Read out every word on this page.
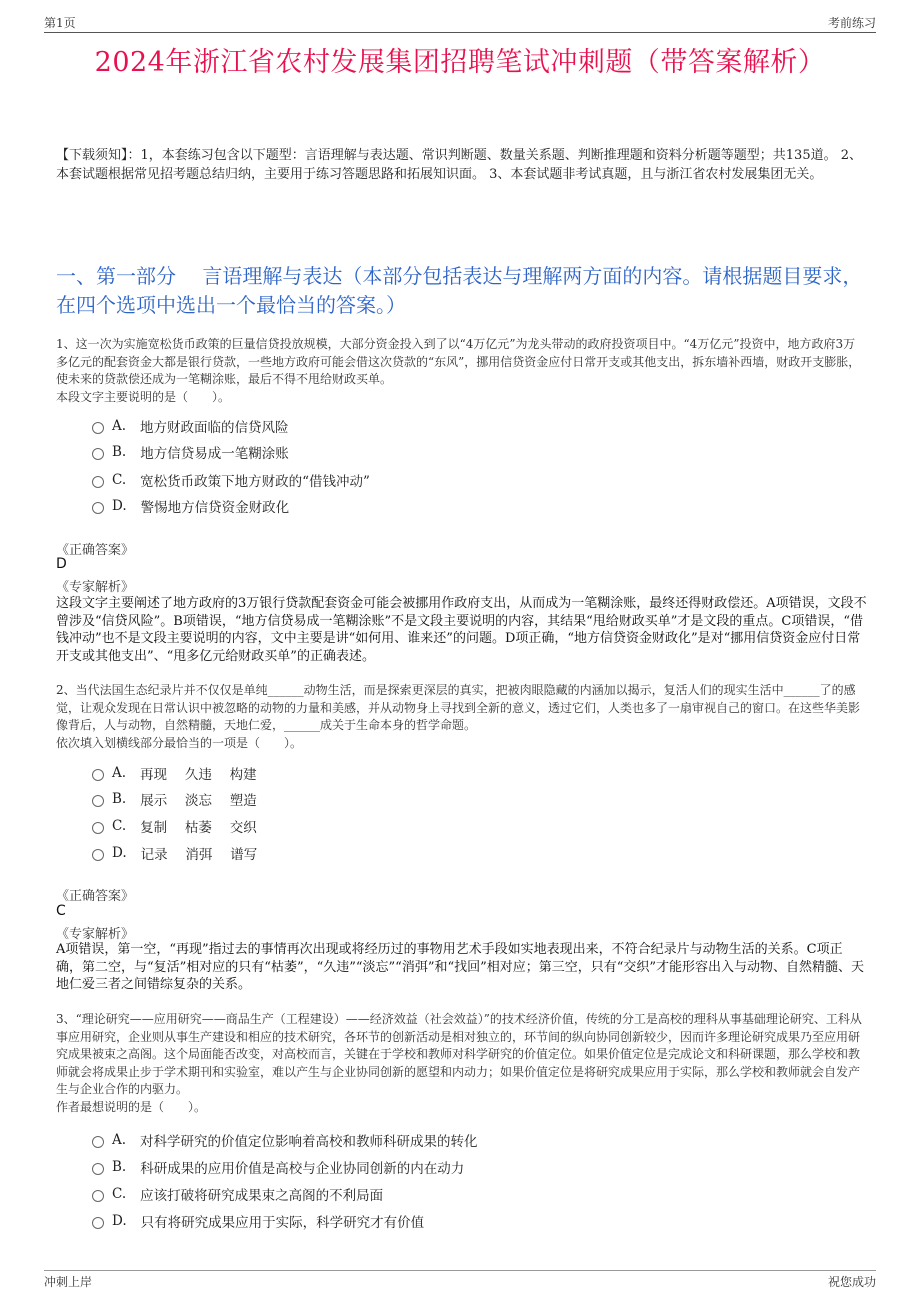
第1页	考前练习
2024年浙江省农村发展集团招聘笔试冲刺题（带答案解析）
【下载须知】：1，本套练习包含以下题型：言语理解与表达题、常识判断题、数量关系题、判断推理题和资料分析题等题型；共135道。 2、本套试题根据常见招考题总结归纳，主要用于练习答题思路和拓展知识面。 3、本套试题非考试真题，且与浙江省农村发展集团无关。
一、第一部分　 言语理解与表达（本部分包括表达与理解两方面的内容。请根据题目要求，在四个选项中选出一个最恰当的答案。）
1、这一次为实施宽松货币政策的巨量信贷投放规模，大部分资金投入到了以“4万亿元”为龙头带动的政府投资项目中。“4万亿元”投资中，地方政府3万多亿元的配套资金大都是银行贷款，一些地方政府可能会借这次贷款的“东风”，挪用信贷资金应付日常开支或其他支出，拆东墙补西墙，财政开支膨胀，使未来的贷款偿还成为一笔糊涂账，最后不得不甩给财政买单。
本段文字主要说明的是（　　）。
A. 地方财政面临的信贷风险
B. 地方信贷易成一笔糊涂账
C. 宽松货币政策下地方财政的“借钱冲动”
D. 警惕地方信贷资金财政化
《正确答案》
D
《专家解析》
这段文字主要阐述了地方政府的3万银行贷款配套资金可能会被挪用作政府支出，从而成为一笔糊涂账，最终还得财政偿还。A项错误，文段不曾涉及“信贷风险”。B项错误，“地方信贷易成一笔糊涂账”不是文段主要说明的内容，其结果“甩给财政买单”才是文段的重点。C项错误，“借钱冲动”也不是文段主要说明的内容，文中主要是讲“如何用、谁来还”的问题。D项正确，“地方信贷资金财政化”是对“挪用信贷资金应付日常开支或其他支出”、“甩多亿元给财政买单”的正确表述。
2、当代法国生态纪录片并不仅仅是单纯______动物生活，而是探索更深层的真实，把被肉眼隐藏的内涵加以揭示，复活人们的现实生活中______了的感觉，让观众发现在日常认识中被忽略的动物的力量和美感，并从动物身上寻找到全新的意义，透过它们，人类也多了一扇审视自己的窗口。在这些华美影像背后，人与动物，自然精髓，天地仁爱，______成关于生命本身的哲学命题。
依次填入划横线部分最恰当的一项是（　　）。
A. 再现　 久违　 构建
B. 展示　 淡忘　 塑造
C. 复制　 枯萎　 交织
D. 记录　 消弭　 谱写
《正确答案》
C
《专家解析》
A项错误，第一空，“再现”指过去的事情再次出现或将经历过的事物用艺术手段如实地表现出来，不符合纪录片与动物生活的关系。C项正确，第二空，与“复活”相对应的只有“枯萎”，“久违”“淡忘”“消弭”和“找回”相对应；第三空，只有“交织”才能形容出入与动物、自然精髓、天地仁爱三者之间错综复杂的关系。
3、“理论研究——应用研究——商品生产（工程建设）——经济效益（社会效益）”的技术经济价值，传统的分工是高校的理科从事基础理论研究、工科从事应用研究，企业则从事生产建设和相应的技术研究，各环节的创新活动是相对独立的，环节间的纵向协同创新较少，因而许多理论研究成果乃至应用研究成果被束之高阁。这个局面能否改变，对高校而言，关键在于学校和教师对科学研究的价值定位。如果价值定位是完成论文和科研课题，那么学校和教师就会将成果止步于学术期刊和实验室，难以产生与企业协同创新的愿望和内动力；如果价值定位是将研究成果应用于实际，那么学校和教师就会自发产生与企业合作的内驱力。
作者最想说明的是（　　）。
A. 对科学研究的价值定位影响着高校和教师科研成果的转化
B. 科研成果的应用价值是高校与企业协同创新的内在动力
C. 应该打破将研究成果束之高阁的不利局面
D. 只有将研究成果应用于实际，科学研究才有价值
冲刺上岸	祝您成功
